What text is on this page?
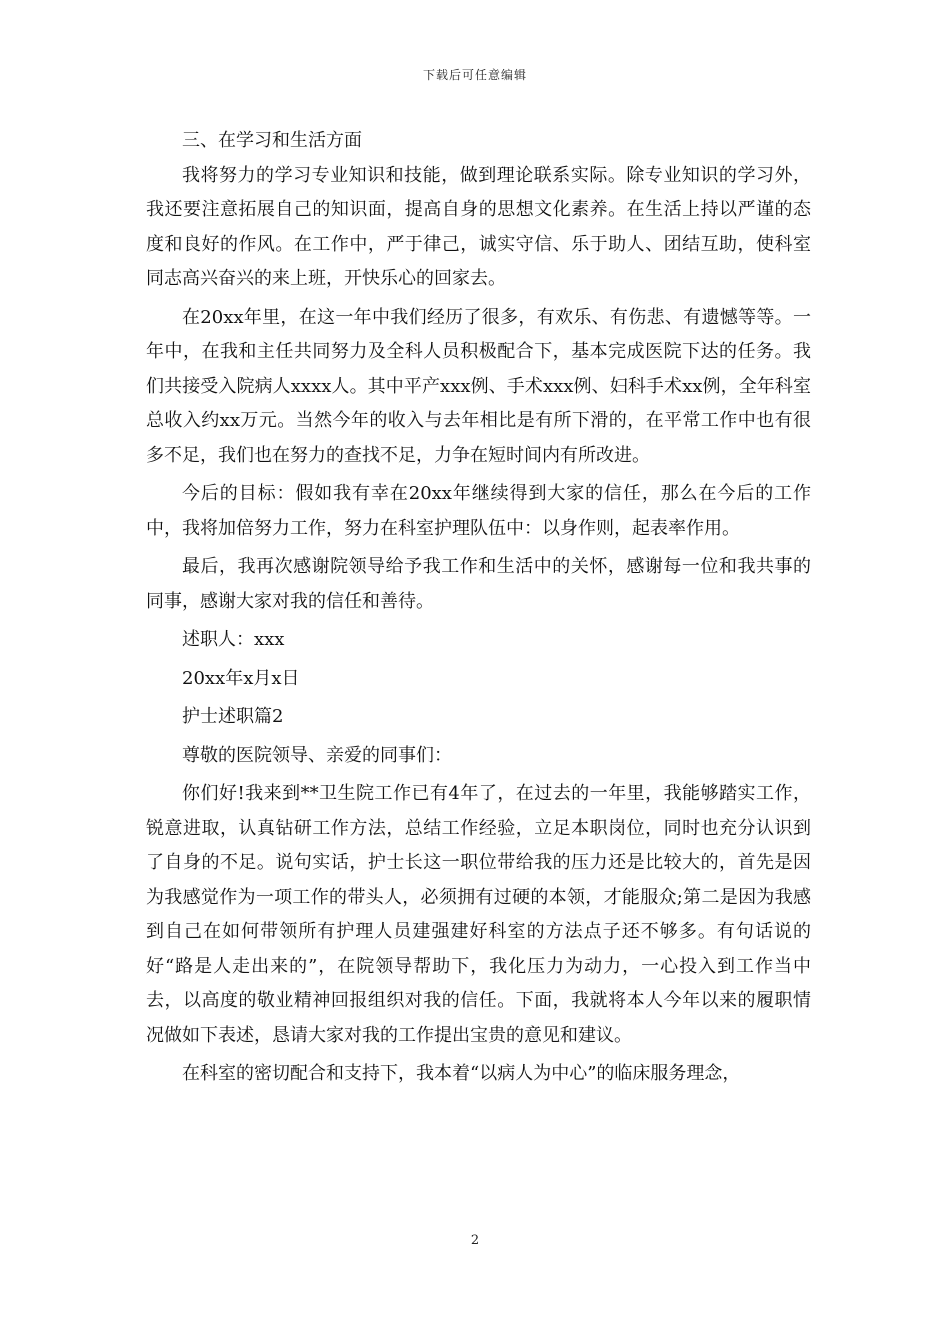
下载后可任意编辑

三、在学习和生活方面

我将努力的学习专业知识和技能，做到理论联系实际。除专业知识的学习外，我还要注意拓展自己的知识面，提高自身的思想文化素养。在生活上持以严谨的态度和良好的作风。在工作中，严于律己，诚实守信、乐于助人、团结互助，使科室同志高兴奋兴的来上班，开快乐心的回家去。

在20xx年里，在这一年中我们经历了很多，有欢乐、有伤悲、有遗憾等等。一年中，在我和主任共同努力及全科人员积极配合下，基本完成医院下达的任务。我们共接受入院病人xxxx人。其中平产xxx例、手术xxx例、妇科手术xx例，全年科室总收入约xx万元。当然今年的收入与去年相比是有所下滑的，在平常工作中也有很多不足，我们也在努力的查找不足，力争在短时间内有所改进。

今后的目标：假如我有幸在20xx年继续得到大家的信任，那么在今后的工作中，我将加倍努力工作，努力在科室护理队伍中：以身作则，起表率作用。

最后，我再次感谢院领导给予我工作和生活中的关怀，感谢每一位和我共事的同事，感谢大家对我的信任和善待。

述职人：xxx

20xx年x月x日

护士述职篇2

尊敬的医院领导、亲爱的同事们：

你们好!我来到**卫生院工作已有4年了，在过去的一年里，我能够踏实工作，锐意进取，认真钻研工作方法，总结工作经验，立足本职岗位，同时也充分认识到了自身的不足。说句实话，护士长这一职位带给我的压力还是比较大的，首先是因为我感觉作为一项工作的带头人，必须拥有过硬的本领，才能服众;第二是因为我感到自己在如何带领所有护理人员建强建好科室的方法点子还不够多。有句话说的好“路是人走出来的”，在院领导帮助下，我化压力为动力，一心投入到工作当中去，以高度的敬业精神回报组织对我的信任。下面，我就将本人今年以来的履职情况做如下表述，恳请大家对我的工作提出宝贵的意见和建议。

在科室的密切配合和支持下，我本着“以病人为中心”的临床服务理念，

2
